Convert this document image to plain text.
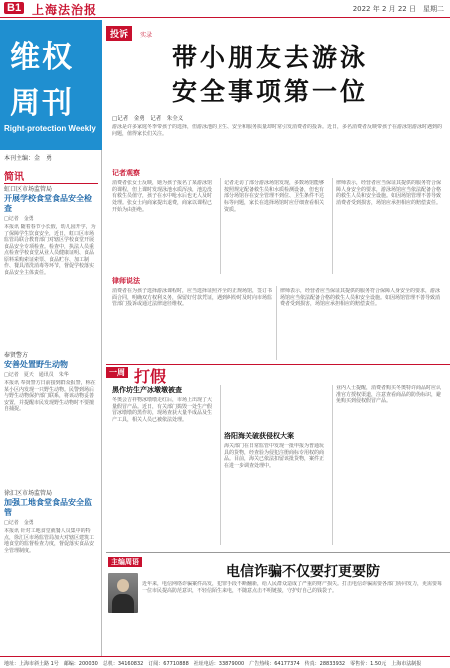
B1 上海法治报	2022 年 2 月 22 日　星期二
维权
周刊
Right-protection Weekly
本刊主编：金　勇
简讯
虹口区市场监管局
开展学校食堂食品安全检查
□记者　金勇
本报讯 随着春节小长假，幼儿园开学，为了保障学生饮食安全，近日，虹口区市场监管局联合教育部门对辖区学校食堂开展食品安全专项检查。检查中，执法人员重点检查学校食堂从业人员健康证明、食品原料采购索证索票、食品贮存、加工制作、餐具清洗消毒等环节，督促学校落实食品安全主体责任。
奉贤警方
安善处置野生动物
□记者　夏天　通讯员　朱华
本报讯 奉贤警方日前接到群众报警，称在某小区内发现一只野生动物。民警到场后与野生动物保护部门联系，将该动物妥善安置，并提醒市民发现野生动物时不要擅自捕捉。
徐汇区市场监管局
加强工地食堂食品安全监管
□记者　金勇
本报讯 针对工地食堂就餐人员集中的特点，徐汇区市场监管局加大对辖区建筑工地食堂的监督检查力度，督促落实食品安全管理制度。
投诉 实录
带小朋友去游泳
安全事项第一位
□记者　金勇　记者　朱全义
游泳是许多家庭冬季带孩子的选择，但游泳池的卫生、安全和服务质量却时常引发消费者的投诉。近日，多名消费者反映带孩子在游泳馆游泳时遇到的问题，值得家长们关注。
记者观察
消费者张女士反映，她为孩子报名了某游泳馆的课程，但上课时发现泳池水质浑浊，池边没有救生员值守，孩子在水中呛水后也无人及时处理。张女士向商家提出退费，商家以课程已开始为由拒绝。
记者走访了部分游泳场馆发现，多数场馆能够按照规定配备救生员和水质检测设备，但也有部分场馆存在安全管理不到位、卫生条件不达标等问题，家长在选择场馆时应仔细查看相关资质。
律师表示，经营者应当保证其提供的服务符合保障人身安全的要求，游泳场馆应当依法配备合格的救生人员和安全设施。如因场馆管理不善导致消费者受到损害，场馆应承担相应的赔偿责任。
律师说法
消费者在为孩子选择游泳课程时，应当选择证照齐全的正规场馆，签订书面合同，明确双方权利义务，保留好付款凭证，遇到纠纷时及时向市场监管部门投诉或通过法律途径维权。
律师表示，经营者应当保证其提供的服务符合保障人身安全的要求，游泳场馆应当依法配备合格的救生人员和安全设施。如因场馆管理不善导致消费者受到损害，场馆应承担相应的赔偿责任。
一周 打假
黑作坊生产冰墩墩被查
冬奥会吉祥物冰墩墩走红后，市场上出现了大量假冒产品。近日，有关部门捣毁一处生产假冒冰墩墩的黑作坊，现场查获大量半成品及生产工具，相关人员已被依法处理。
洛阳海关破获侵权大案
海关部门在日常监管中发现一批申报为普通玩具的货物，经查验为侵犯注册商标专用权的商品。目前，海关已依法扣留该批货物，案件正在进一步调查处理中。
业内人士提醒，消费者购买冬奥特许商品时应认准官方授权渠道，注意查看商品的防伪标识，避免购买到侵权假冒产品。
主编周语
电信诈骗不仅要打更要防
近年来，电信网络诈骗案件高发，犯罪手段不断翻新，给人民群众造成了严重的财产损失。打击电信诈骗需要各部门协同发力，更需要每一位市民提高防范意识，不轻信陌生来电，不随意点击不明链接，守护好自己的钱袋子。
地址：上海市斜土路 1号　邮编：200030　总机：34160832　订阅：67710888　社址电话：33879000　广告热线：64177374　传真：28833932　零售价：1.50元　上海市法制报
